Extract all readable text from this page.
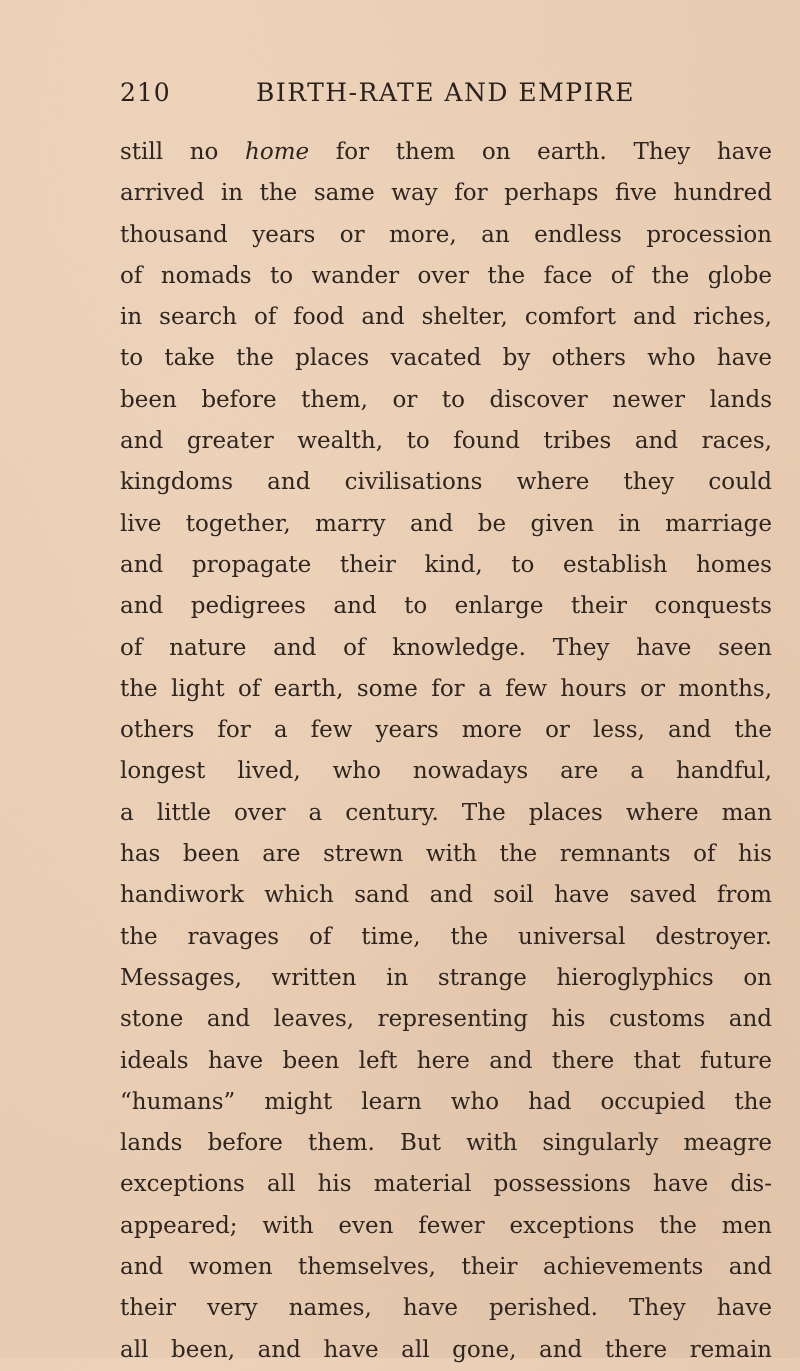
210	BIRTH-RATE AND EMPIRE
still no home for them on earth. They have
arrived in the same way for perhaps five hundred
thousand years or more, an endless procession
of nomads to wander over the face of the globe
in search of food and shelter, comfort and riches,
to take the places vacated by others who have
been before them, or to discover newer lands
and greater wealth, to found tribes and races,
kingdoms and civilisations where they could
live together, marry and be given in marriage
and propagate their kind, to establish homes
and pedigrees and to enlarge their conquests
of nature and of knowledge. They have seen
the light of earth, some for a few hours or months,
others for a few years more or less, and the
longest lived, who nowadays are a handful,
a little over a century. The places where man
has been are strewn with the remnants of his
handiwork which sand and soil have saved from
the ravages of time, the universal destroyer.
Messages, written in strange hieroglyphics on
stone and leaves, representing his customs and
ideals have been left here and there that future
“humans” might learn who had occupied the
lands before them. But with singularly meagre
exceptions all his material possessions have dis-
appeared; with even fewer exceptions the men
and women themselves, their achievements and
their very names, have perished. They have
all been, and have all gone, and there remain
